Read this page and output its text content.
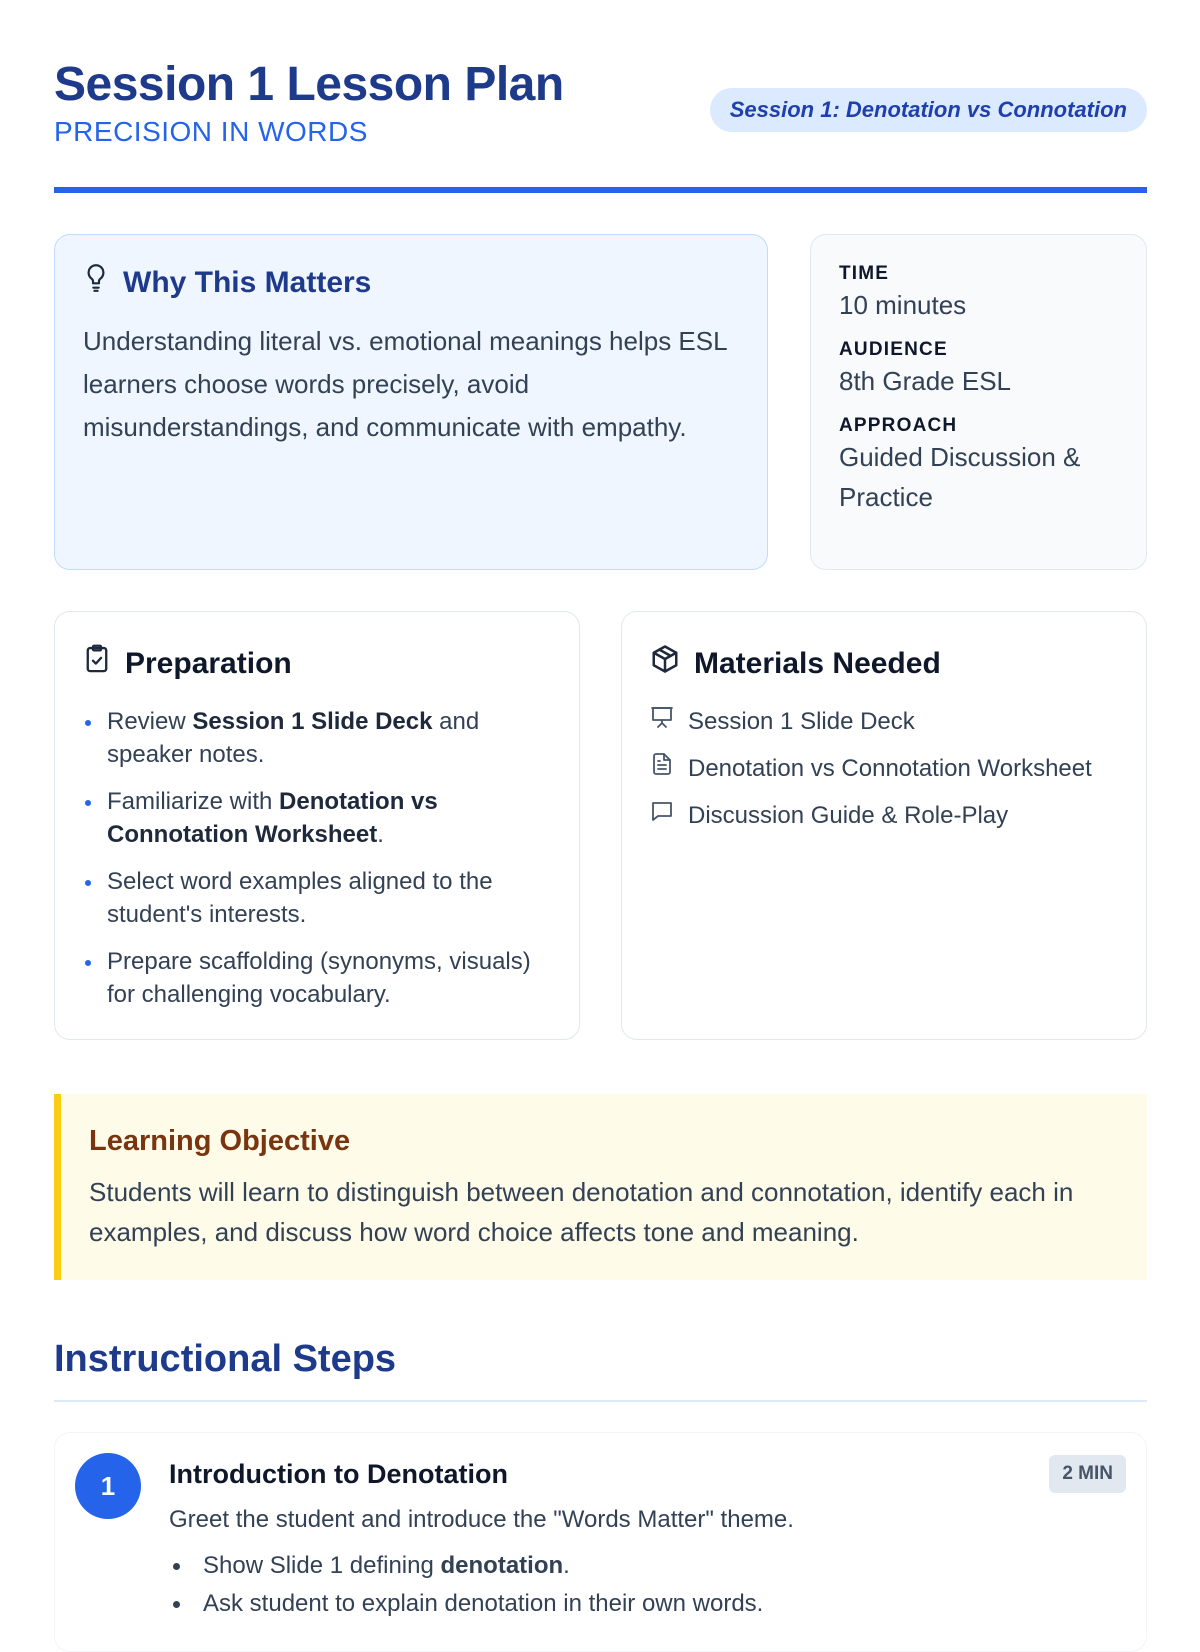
Session 1 Lesson Plan
PRECISION IN WORDS
Session 1: Denotation vs Connotation
Why This Matters

Understanding literal vs. emotional meanings helps ESL learners choose words precisely, avoid misunderstandings, and communicate with empathy.

TIME
10 minutes
AUDIENCE
8th Grade ESL
APPROACH
Guided Discussion & Practice
Preparation
Review Session 1 Slide Deck and speaker notes.
Familiarize with Denotation vs Connotation Worksheet.
Select word examples aligned to the student's interests.
Prepare scaffolding (synonyms, visuals) for challenging vocabulary.
Materials Needed
Session 1 Slide Deck
Denotation vs Connotation Worksheet
Discussion Guide & Role-Play
Learning Objective

Students will learn to distinguish between denotation and connotation, identify each in examples, and discuss how word choice affects tone and meaning.

Instructional Steps
1	Introduction to Denotation	2 MIN

Greet the student and introduce the "Words Matter" theme.

Show Slide 1 defining denotation.
Ask student to explain denotation in their own words.
